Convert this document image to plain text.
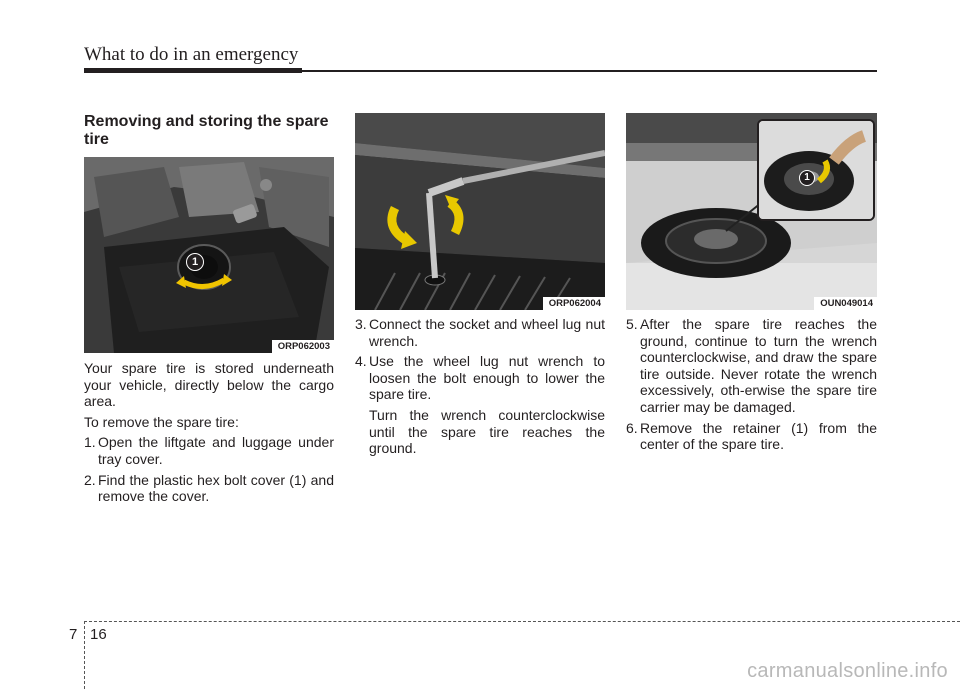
What to do in an emergency
Removing and storing the spare tire
1
ORP062003
ORP062004
1
OUN049014

Your spare tire is stored underneath your vehicle, directly below the cargo area.

To remove the spare tire:

1. Open the liftgate and luggage under tray cover.
2. Find the plastic hex bolt cover (1) and remove the cover.
3. Connect the socket and wheel lug nut wrench.
4. Use the wheel lug nut wrench to loosen the bolt enough to lower the spare tire.

Turn the wrench counterclockwise until the spare tire reaches the ground.

5. After the spare tire reaches the ground, continue to turn the wrench counterclockwise, and draw the spare tire outside. Never rotate the wrench excessively, oth-erwise the spare tire carrier may be damaged.
6. Remove the retainer (1) from the center of the spare tire.
7 16
carmanualsonline.info
